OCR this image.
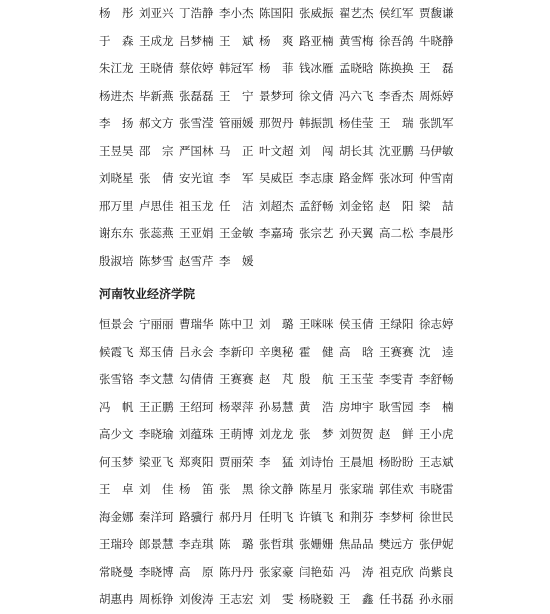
杨　彤 刘亚兴 丁浩静 李小杰 陈国阳 张威振 翟艺杰 侯红军 贾馥谦
于　森 王成龙 吕梦楠 王　斌 杨　爽 路亚楠 黄雪梅 徐吾鸽 牛晓静
朱江龙 王晓倩 蔡依婷 韩冠军 杨　菲 钱冰雁 孟晓晗 陈换换 王　磊
杨进杰 毕新燕 张磊磊 王　宁 景梦珂 徐文倩 冯六飞 李香杰 周烁婷
李　扬 郝文方 张雪滢 管丽媛 那贺丹 韩振凯 杨佳莹 王　瑞 张凯军
王昱昊 邵　宗 严国林 马　正 叶文超 刘　闯 胡长其 沈亚鹏 马伊敏
刘晓星 张　倩 安光谊 李　军 吴威臣 李志康 路金辉 张冰珂 仲雪南
邢万里 卢思佳 祖玉龙 任　洁 刘超杰 孟舒畅 刘金铭 赵　阳 梁　喆
谢东东 张蕊燕 王亚娟 王金敏 李嘉琦 张宗艺 孙天翼 高二松 李晨彤
殷淑培 陈梦雪 赵雪芹 李　媛
河南牧业经济学院
恒景会 宁丽丽 曹瑞华 陈中卫 刘　璐 王咪咪 侯玉倩 王绿阳 徐志婷
候霞飞 郑玉倩 吕永会 李新印 辛奥秘 霍　健 高　晗 王赛赛 沈　逵
张雪铬 李文慧 勾倩倩 王赛赛 赵　芃 殷　航 王玉莹 李雯青 李舒畅
冯　帆 王正鹏 王绍珂 杨翠萍 孙易慧 黄　浩 房坤宇 耿雪园 李　楠
高少文 李晓瑜 刘蕴珠 王萌博 刘龙龙 张　梦 刘贺贺 赵　鲜 王小虎
何玉梦 梁亚飞 郑爽阳 贾丽荣 李　猛 刘诗怡 王晨旭 杨盼盼 王志斌
王　卓 刘　佳 杨　笛 张　黑 徐文静 陈星月 张家瑞 郭佳欢 韦晓雷
海金娜 秦洋珂 路骥行 郝丹月 任明飞 许镇飞 和荆芬 李梦柯 徐世民
王瑞玲 郎景慧 李垚琪 陈　璐 张哲琪 张姗姗 焦品品 樊远方 张伊妮
常晓曼 李晓博 高　原 陈丹丹 张家豪 闫艳茹 冯　涛 祖克欣 尚紫良
胡惠冉 周栎铮 刘俊涛 王志宏 刘　雯 杨晓毅 王　鑫 任书磊 孙永丽
